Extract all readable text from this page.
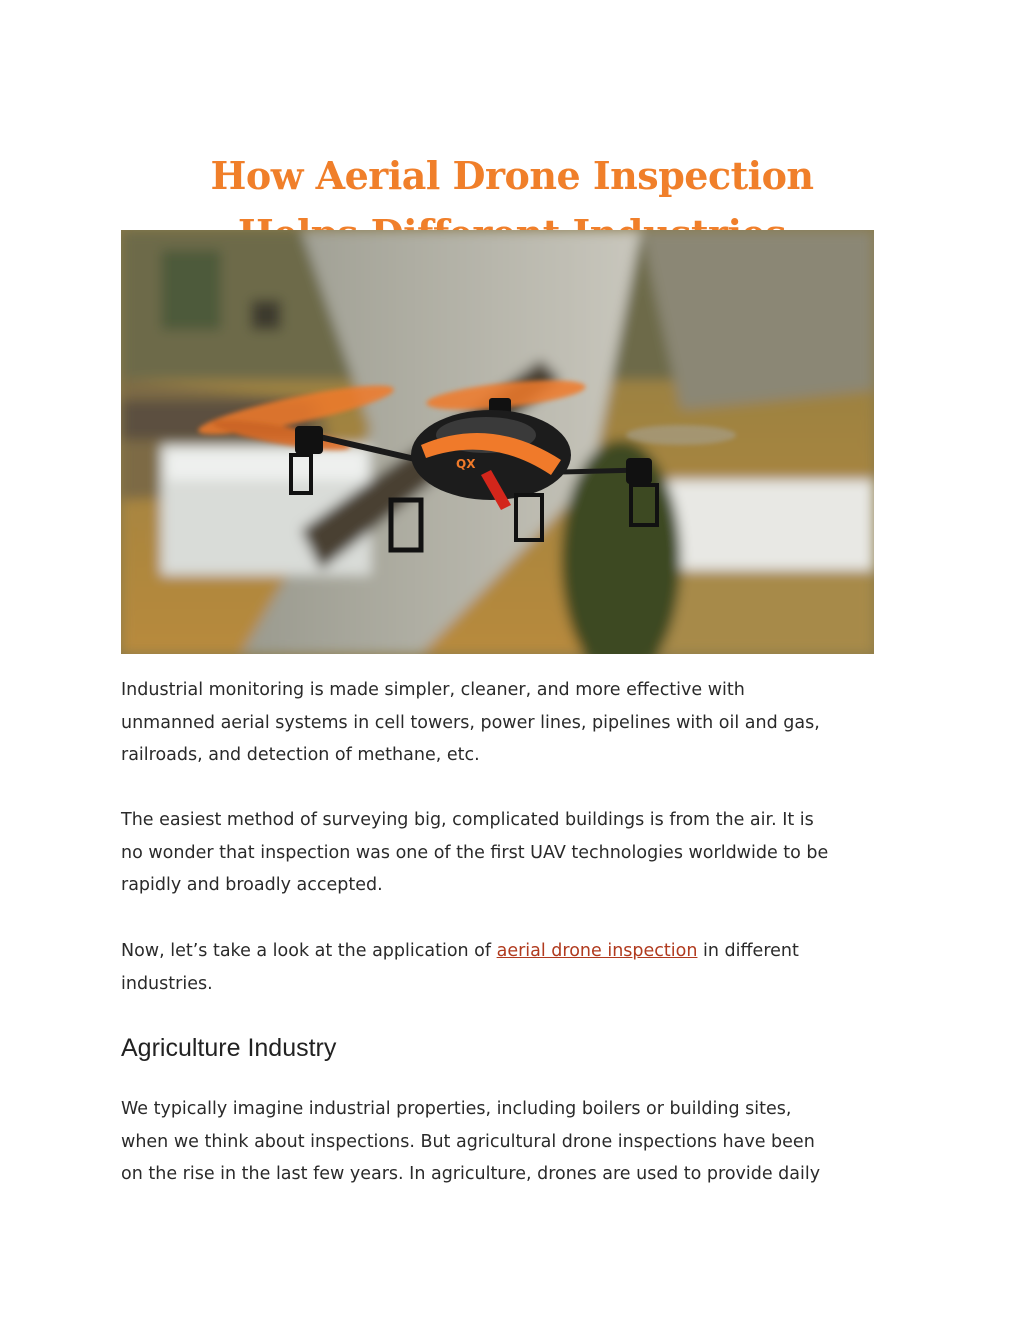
How Aerial Drone Inspection
QX

Industrial monitoring is made simpler, cleaner, and more effective with
unmanned aerial systems in cell towers, power lines, pipelines with oil and gas,
railroads, and detection of methane, etc.

The easiest method of surveying big, complicated buildings is from the air. It is
no wonder that inspection was one of the first UAV technologies worldwide to be
rapidly and broadly accepted.

Now, let’s take a look at the application of aerial drone inspection in different
industries.

Agriculture Industry

We typically imagine industrial properties, including boilers or building sites,
when we think about inspections. But agricultural drone inspections have been
on the rise in the last few years. In agriculture, drones are used to provide daily
